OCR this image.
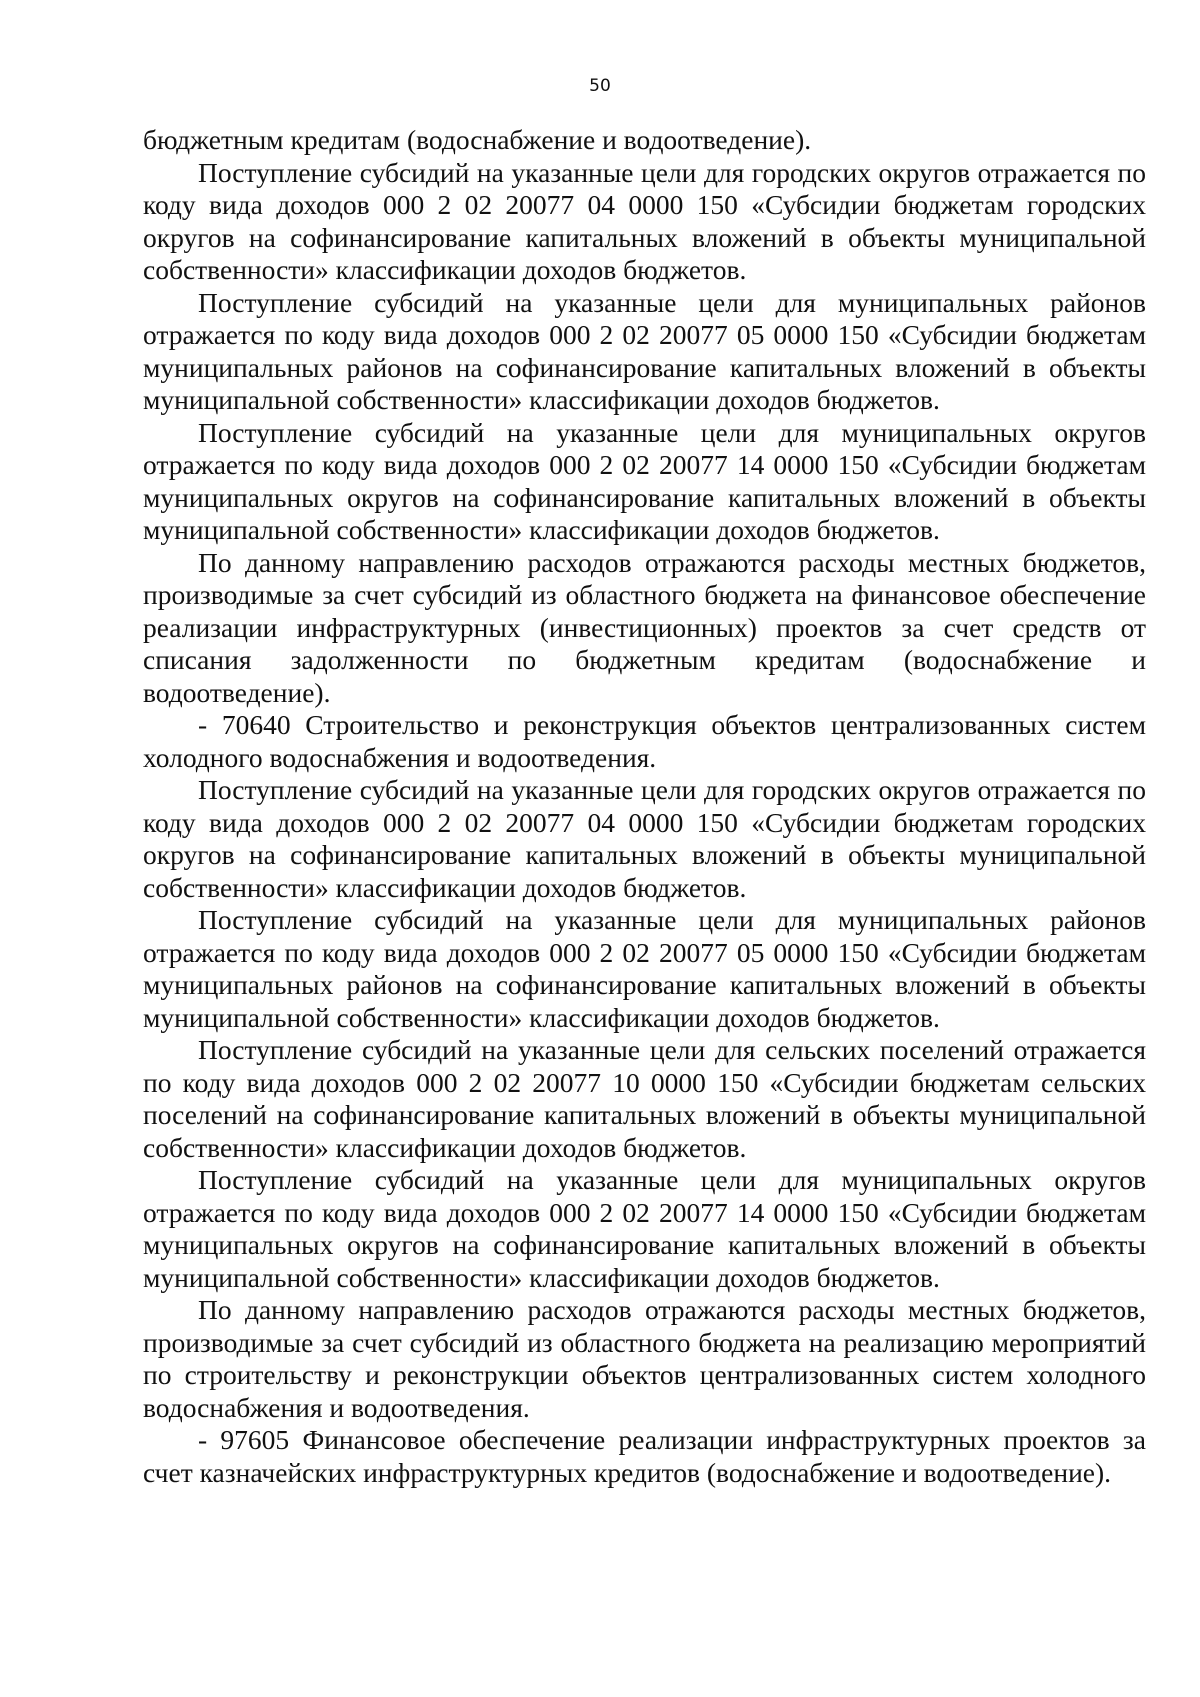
50

бюджетным кредитам (водоснабжение и водоотведение).

Поступление субсидий на указанные цели для городских округов отражается по коду вида доходов 000 2 02 20077 04 0000 150 «Субсидии бюджетам городских округов на софинансирование капитальных вложений в объекты муниципальной собственности» классификации доходов бюджетов.

Поступление субсидий на указанные цели для муниципальных районов отражается по коду вида доходов 000 2 02 20077 05 0000 150 «Субсидии бюджетам муниципальных районов на софинансирование капитальных вложений в объекты муниципальной собственности» классификации доходов бюджетов.

Поступление субсидий на указанные цели для муниципальных округов отражается по коду вида доходов 000 2 02 20077 14 0000 150 «Субсидии бюджетам муниципальных округов на софинансирование капитальных вложений в объекты муниципальной собственности» классификации доходов бюджетов.

По данному направлению расходов отражаются расходы местных бюджетов, производимые за счет субсидий из областного бюджета на финансовое обеспечение реализации инфраструктурных (инвестиционных) проектов за счет средств от списания задолженности по бюджетным кредитам (водоснабжение и водоотведение).

- 70640 Строительство и реконструкция объектов централизованных систем холодного водоснабжения и водоотведения.

Поступление субсидий на указанные цели для городских округов отражается по коду вида доходов 000 2 02 20077 04 0000 150 «Субсидии бюджетам городских округов на софинансирование капитальных вложений в объекты муниципальной собственности» классификации доходов бюджетов.

Поступление субсидий на указанные цели для муниципальных районов отражается по коду вида доходов 000 2 02 20077 05 0000 150 «Субсидии бюджетам муниципальных районов на софинансирование капитальных вложений в объекты муниципальной собственности» классификации доходов бюджетов.

Поступление субсидий на указанные цели для сельских поселений отражается по коду вида доходов 000 2 02 20077 10 0000 150 «Субсидии бюджетам сельских поселений на софинансирование капитальных вложений в объекты муниципальной собственности» классификации доходов бюджетов.

Поступление субсидий на указанные цели для муниципальных округов отражается по коду вида доходов 000 2 02 20077 14 0000 150 «Субсидии бюджетам муниципальных округов на софинансирование капитальных вложений в объекты муниципальной собственности» классификации доходов бюджетов.

По данному направлению расходов отражаются расходы местных бюджетов, производимые за счет субсидий из областного бюджета на реализацию мероприятий по строительству и реконструкции объектов централизованных систем холодного водоснабжения и водоотведения.

- 97605 Финансовое обеспечение реализации инфраструктурных проектов за счет казначейских инфраструктурных кредитов (водоснабжение и водоотведение).
